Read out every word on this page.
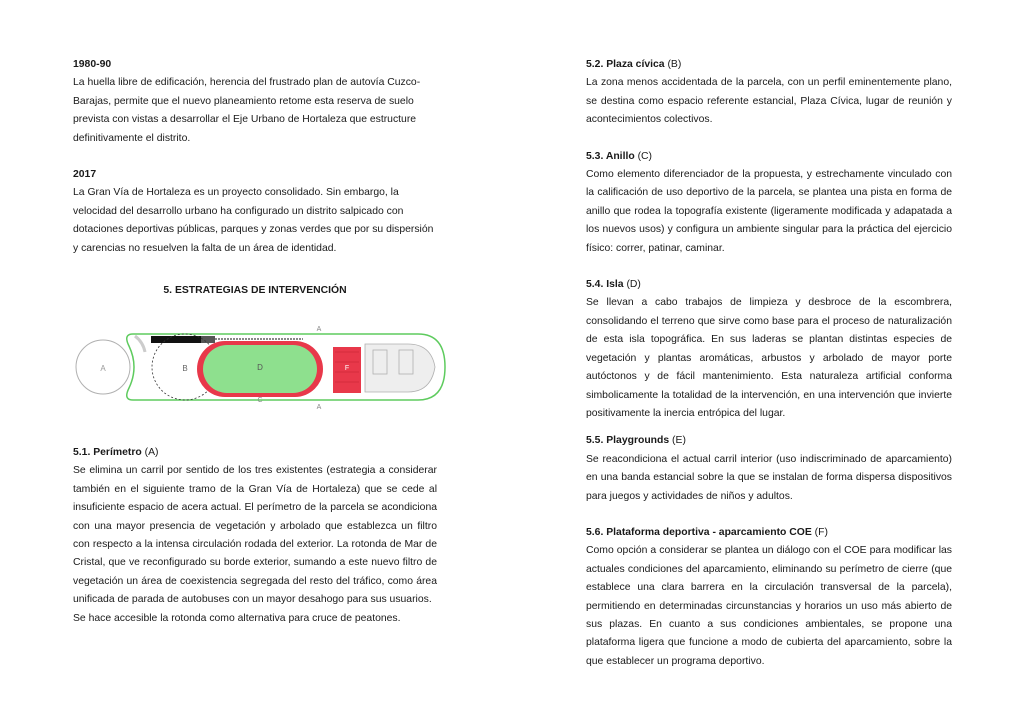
1980-90

La huella libre de edificación, herencia del frustrado plan de autovía Cuzco-

Barajas, permite que el nuevo planeamiento retome esta reserva de suelo

prevista con vistas a desarrollar el Eje Urbano de Hortaleza que estructure

definitivamente el distrito.

2017

La Gran Vía de Hortaleza es un proyecto consolidado. Sin embargo, la

velocidad del desarrollo urbano ha configurado un distrito salpicado con

dotaciones deportivas públicas, parques y zonas verdes que por su dispersión

y carencias no resuelven la falta de un área de identidad.

5. ESTRATEGIAS DE INTERVENCIÓN

A	B	D
C
F
A
A

5.1. Perímetro (A)

Se elimina un carril por sentido de los tres existentes (estrategia a considerar también en el siguiente tramo de la Gran Vía de Hortaleza) que se cede al insuficiente espacio de acera actual. El perímetro de la parcela se acondiciona con una mayor presencia de vegetación y arbolado que establezca un filtro con respecto a la intensa circulación rodada del exterior. La rotonda de Mar de Cristal, que ve reconfigurado su borde exterior, sumando a este nuevo filtro de vegetación un área de coexistencia segregada del resto del tráfico, como área unificada de parada de autobuses con un mayor desahogo para sus usuarios.

Se hace accesible la rotonda como alternativa para cruce de peatones.

5.2. Plaza cívica (B)

La zona menos accidentada de la parcela, con un perfil eminentemente plano, se destina como espacio referente estancial, Plaza Cívica, lugar de reunión y acontecimientos colectivos.

5.3. Anillo (C)

Como elemento diferenciador de la propuesta, y estrechamente vinculado con la calificación de uso deportivo de la parcela, se plantea una pista en forma de anillo que rodea la topografía existente (ligeramente modificada y adapatada a los nuevos usos) y configura un ambiente singular para la práctica del ejercicio físico: correr, patinar, caminar.

5.4. Isla (D)

Se llevan a cabo trabajos de limpieza y desbroce de la escombrera, consolidando el terreno que sirve como base para el proceso de naturalización de esta isla topográfica. En sus laderas se plantan distintas especies de vegetación y plantas aromáticas, arbustos y arbolado de mayor porte autóctonos y de fácil mantenimiento. Esta naturaleza artificial conforma simbolicamente la totalidad de la intervención, en una intervención que invierte positivamente la inercia entrópica del lugar.

5.5. Playgrounds (E)

Se reacondiciona el actual carril interior (uso indiscriminado de aparcamiento) en una banda estancial sobre la que se instalan de forma dispersa dispositivos para juegos y actividades de niños y adultos.

5.6. Plataforma deportiva - aparcamiento COE (F)

Como opción a considerar se plantea un diálogo con el COE para modificar las actuales condiciones del aparcamiento, eliminando su perímetro de cierre (que establece una clara barrera en la circulación transversal de la parcela), permitiendo en determinadas circunstancias y horarios un uso más abierto de sus plazas. En cuanto a sus condiciones ambientales, se propone una plataforma ligera que funcione a modo de cubierta del aparcamiento, sobre la que establecer un programa deportivo.
